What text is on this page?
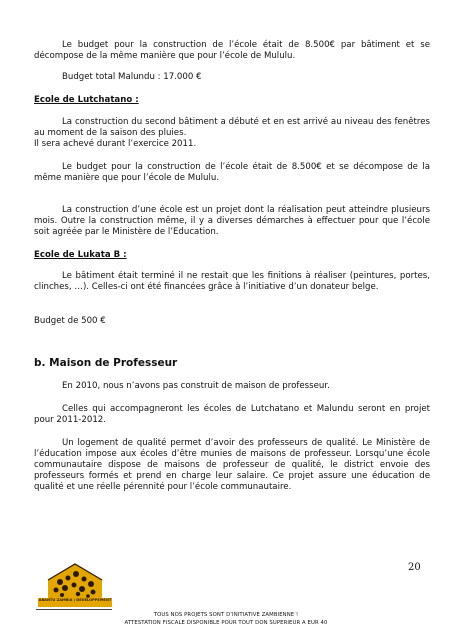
Le budget pour la construction de l’école était de 8.500€ par bâtiment et se décompose de la même manière que pour l’école de Mululu.

Budget total Malundu : 17.000 €

Ecole de Lutchatano :

La construction du second bâtiment a débuté et en est arrivé au niveau des fenêtres au moment de la saison des pluies.

Il sera achevé durant l’exercice 2011.

Le budget pour la construction de l’école était de 8.500€ et se décompose de la même manière que pour l’école de Mululu.

La construction d’une école est un projet dont la réalisation peut atteindre plusieurs mois. Outre la construction même, il y a diverses démarches à effectuer pour que l’école soit agréée par le Ministère de l’Education.

Ecole de Lukata B :

Le bâtiment était terminé il ne restait que les finitions à réaliser (peintures, portes, clinches, …). Celles-ci ont été financées grâce à l’initiative d’un donateur belge.

Budget de 500 €

b. Maison de Professeur

En 2010, nous n’avons pas construit de maison de professeur.

Celles qui accompagneront les écoles de Lutchatano et Malundu seront en projet pour 2011-2012.

Un logement de qualité permet d’avoir des professeurs de qualité. Le Ministère de l’éducation impose aux écoles d’être munies de maisons de professeur. Lorsqu’une école communautaire dispose de maisons de professeur de qualité, le district envoie des professeurs formés et prend en charge leur salaire. Ce projet assure une éducation de qualité et une réelle pérennité pour l’école communautaire.

20

ABANTU ZAMBIA | DEVELOPPEMENT

TOUS NOS PROJETS SONT D’INITIATIVE ZAMBIENNE !

ATTESTATION FISCALE DISPONIBLE POUR TOUT DON SUPERIEUR A EUR 40
